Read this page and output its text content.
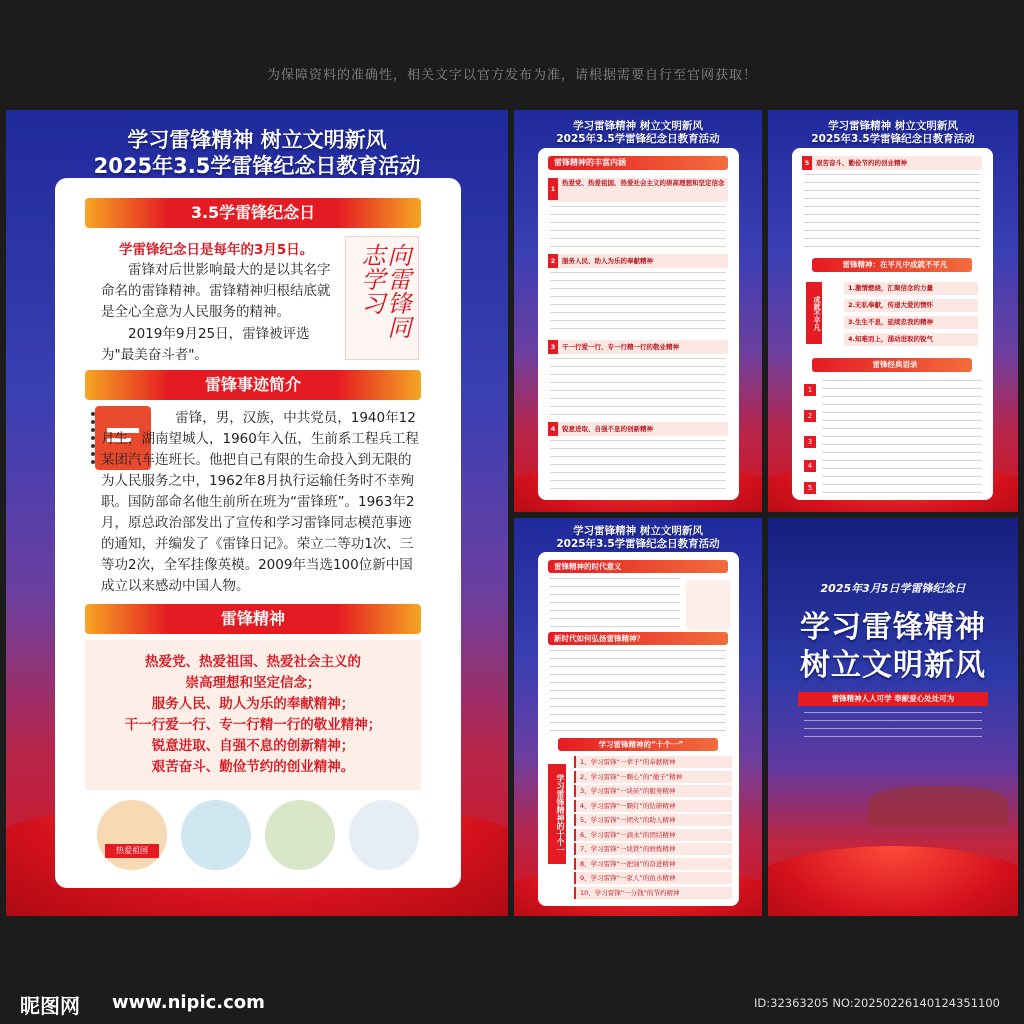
为保障资料的准确性，相关文字以官方发布为准，请根据需要自行至官网获取！
学习雷锋精神 树立文明新风
2025年3.5学雷锋纪念日教育活动
3.5学雷锋纪念日
学雷锋纪念日是每年的3月5日。
雷锋对后世影响最大的是以其名字命名的雷锋精神。雷锋精神归根结底就是全心全意为人民服务的精神。
2019年9月25日，雷锋被评选为"最美奋斗者"。
向雷锋同志学习
雷锋事迹简介
雷锋，男，汉族，中共党员，1940年12月生，湖南望城人，1960年入伍，生前系工程兵工程某团汽车连班长。他把自己有限的生命投入到无限的为人民服务之中，1962年8月执行运输任务时不幸殉职。国防部命名他生前所在班为“雷锋班”。1963年2月，原总政治部发出了宣传和学习雷锋同志模范事迹的通知，并编发了《雷锋日记》。荣立二等功1次、三等功2次，全军挂像英模。2009年当选100位新中国成立以来感动中国人物。
雷锋精神
热爱党、热爱祖国、热爱社会主义的
崇高理想和坚定信念；
服务人民、助人为乐的奉献精神；
干一行爱一行、专一行精一行的敬业精神；
锐意进取、自强不息的创新精神；
艰苦奋斗、勤俭节约的创业精神。
热爱祖国
学习雷锋精神 树立文明新风
2025年3.5学雷锋纪念日教育活动
雷锋精神的丰富内涵
1
热爱党、热爱祖国、热爱社会主义的崇高理想和坚定信念
2 服务人民、助人为乐的奉献精神
3 干一行爱一行、专一行精一行的敬业精神
4 锐意进取、自强不息的创新精神
学习雷锋精神 树立文明新风
2025年3.5学雷锋纪念日教育活动
5 艰苦奋斗、勤俭节约的创业精神
雷锋精神：在平凡中成就不平凡
成就不平凡
1.激情燃烧，汇聚信念的力量
2.无私奉献，传递大爱的情怀
3.生生不息，延续忠我的精神
4.知难而上，涌动进取的锐气
雷锋经典语录
1
2
3
4
5
学习雷锋精神 树立文明新风
2025年3.5学雷锋纪念日教育活动
雷锋精神的时代意义
新时代如何弘扬雷锋精神？
学习雷锋精神的“十个一”
学习雷锋精神的十个一
1、学习雷锋“一辈子”的奉献精神
2、学习雷锋“一颗心”的“傻子”精神
3、学习雷锋“一块砖”的服务精神
4、学习雷锋“一颗钉”的钻研精神
5、学习雷锋“一团火”的助人精神
6、学习雷锋“一滴水”的团结精神
7、学习雷锋“一块铁”的磨炼精神
8、学习雷锋“一把油”的奋进精神
9、学习雷锋“一家人”的鱼水精神
10、学习雷锋“一分钱”的节约精神
2025年3月5日学雷锋纪念日
学习雷锋精神
树立文明新风
雷锋精神人人可学 奉献爱心处处可为
昵图网 www.nipic.com	ID:32363205 NO:20250226140124351100
